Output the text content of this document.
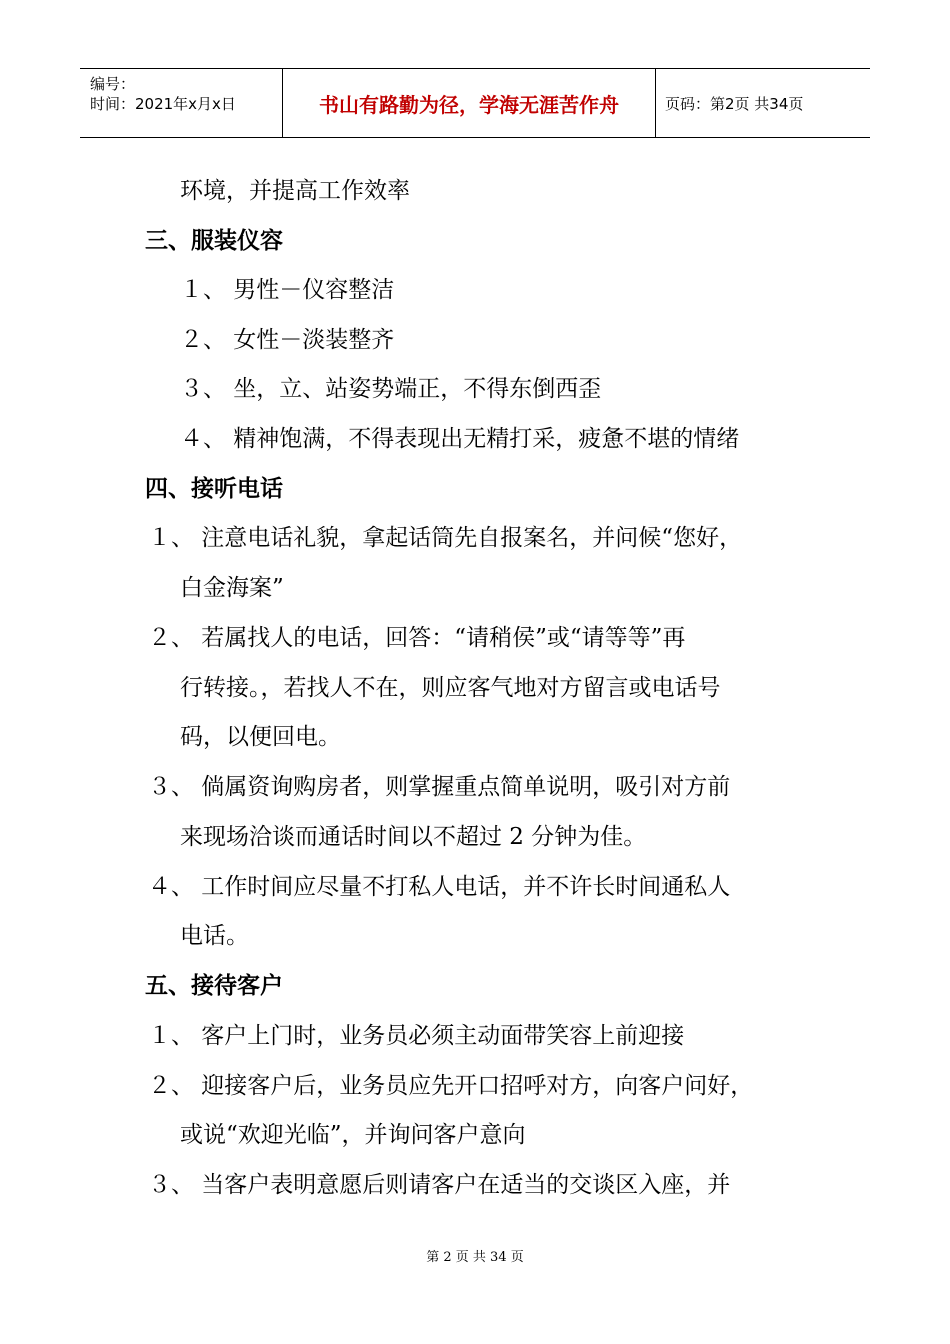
编号：
时间：2021年x月x日	书山有路勤为径，学海无涯苦作舟	页码：第2页 共34页
环境，并提高工作效率
三、服装仪容
１、 男性－仪容整洁
２、 女性－淡装整齐
３、 坐，立、站姿势端正，不得东倒西歪
４、 精神饱满，不得表现出无精打采，疲惫不堪的情绪
四、接听电话
１、 注意电话礼貌，拿起话筒先自报案名，并问候“您好，
白金海案”
２、 若属找人的电话，回答：“请稍侯”或“请等等”再
行转接。，若找人不在，则应客气地对方留言或电话号
码，以便回电。
３、 倘属资询购房者，则掌握重点简单说明，吸引对方前
来现场洽谈而通话时间以不超过 2 分钟为佳。
４、 工作时间应尽量不打私人电话，并不许长时间通私人
电话。
五、接待客户
１、 客户上门时，业务员必须主动面带笑容上前迎接
２、 迎接客户后，业务员应先开口招呼对方，向客户问好，
或说“欢迎光临”，并询问客户意向
３、 当客户表明意愿后则请客户在适当的交谈区入座，并
第 2 页 共 34 页
